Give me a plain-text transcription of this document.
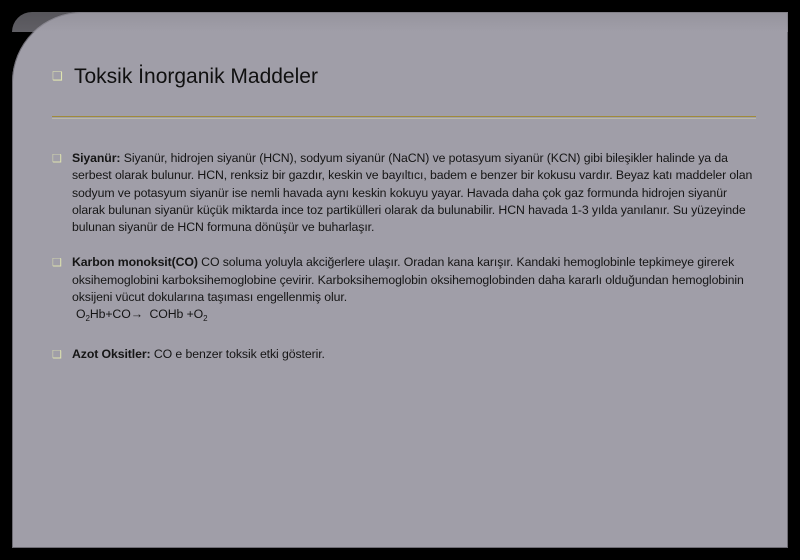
❑ Toksik İnorganik Maddeler
❑ Siyanür: Siyanür, hidrojen siyanür (HCN), sodyum siyanür (NaCN) ve potasyum siyanür (KCN) gibi bileşikler halinde ya da serbest olarak bulunur. HCN, renksiz bir gazdır, keskin ve bayıltıcı, badem e benzer bir kokusu vardır. Beyaz katı maddeler olan sodyum ve potasyum siyanür ise nemli havada aynı keskin kokuyu yayar. Havada daha çok gaz formunda hidrojen siyanür olarak bulunan siyanür küçük miktarda ince toz partikülleri olarak da bulunabilir. HCN havada 1-3 yılda yanılanır. Su yüzeyinde bulunan siyanür de HCN formuna dönüşür ve buharlaşır.
❑ Karbon monoksit(CO) CO soluma yoluyla akciğerlere ulaşır. Oradan kana karışır. Kandaki hemoglobinle tepkimeye girerek oksihemoglobini karboksihemoglobine çevirir. Karboksihemoglobin oksihemoglobinden daha kararlı olduğundan hemoglobinin oksijeni vücut dokularına taşıması engellenmiş olur.
$O_2Hb+CO\to$  COHb $+O_2$
❑ Azot Oksitler: CO e benzer toksik etki gösterir.
